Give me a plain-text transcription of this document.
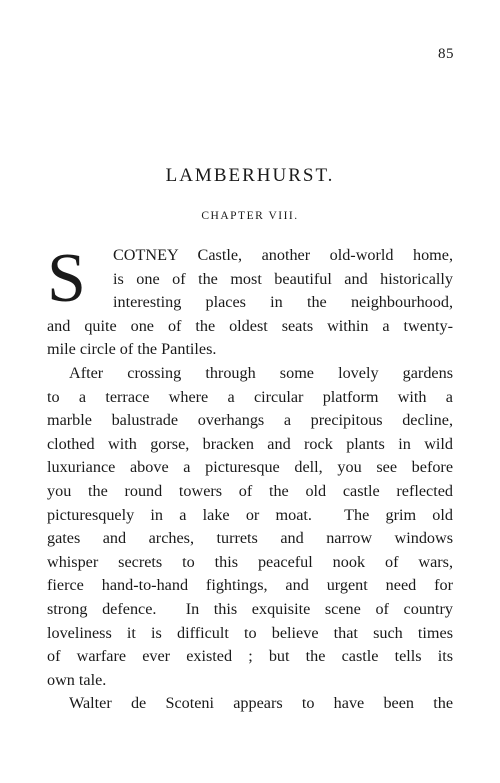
85
LAMBERHURST.
CHAPTER VIII.
S	COTNEY Castle, another old-world home,
is one of the most beautiful and historically
interesting places in the neighbourhood,
and quite one of the oldest seats within a twenty-
mile circle of the Pantiles.
After crossing through some lovely gardens
to a terrace where a circular platform with a
marble balustrade overhangs a precipitous decline,
clothed with gorse, bracken and rock plants in wild
luxuriance above a picturesque dell, you see before
you the round towers of the old castle reflected
picturesquely in a lake or moat.  The grim old
gates and arches, turrets and narrow windows
whisper secrets to this peaceful nook of wars,
fierce hand-to-hand fightings, and urgent need for
strong defence.  In this exquisite scene of country
loveliness it is difficult to believe that such times
of warfare ever existed ; but the castle tells its
own tale.
Walter de Scoteni appears to have been the
